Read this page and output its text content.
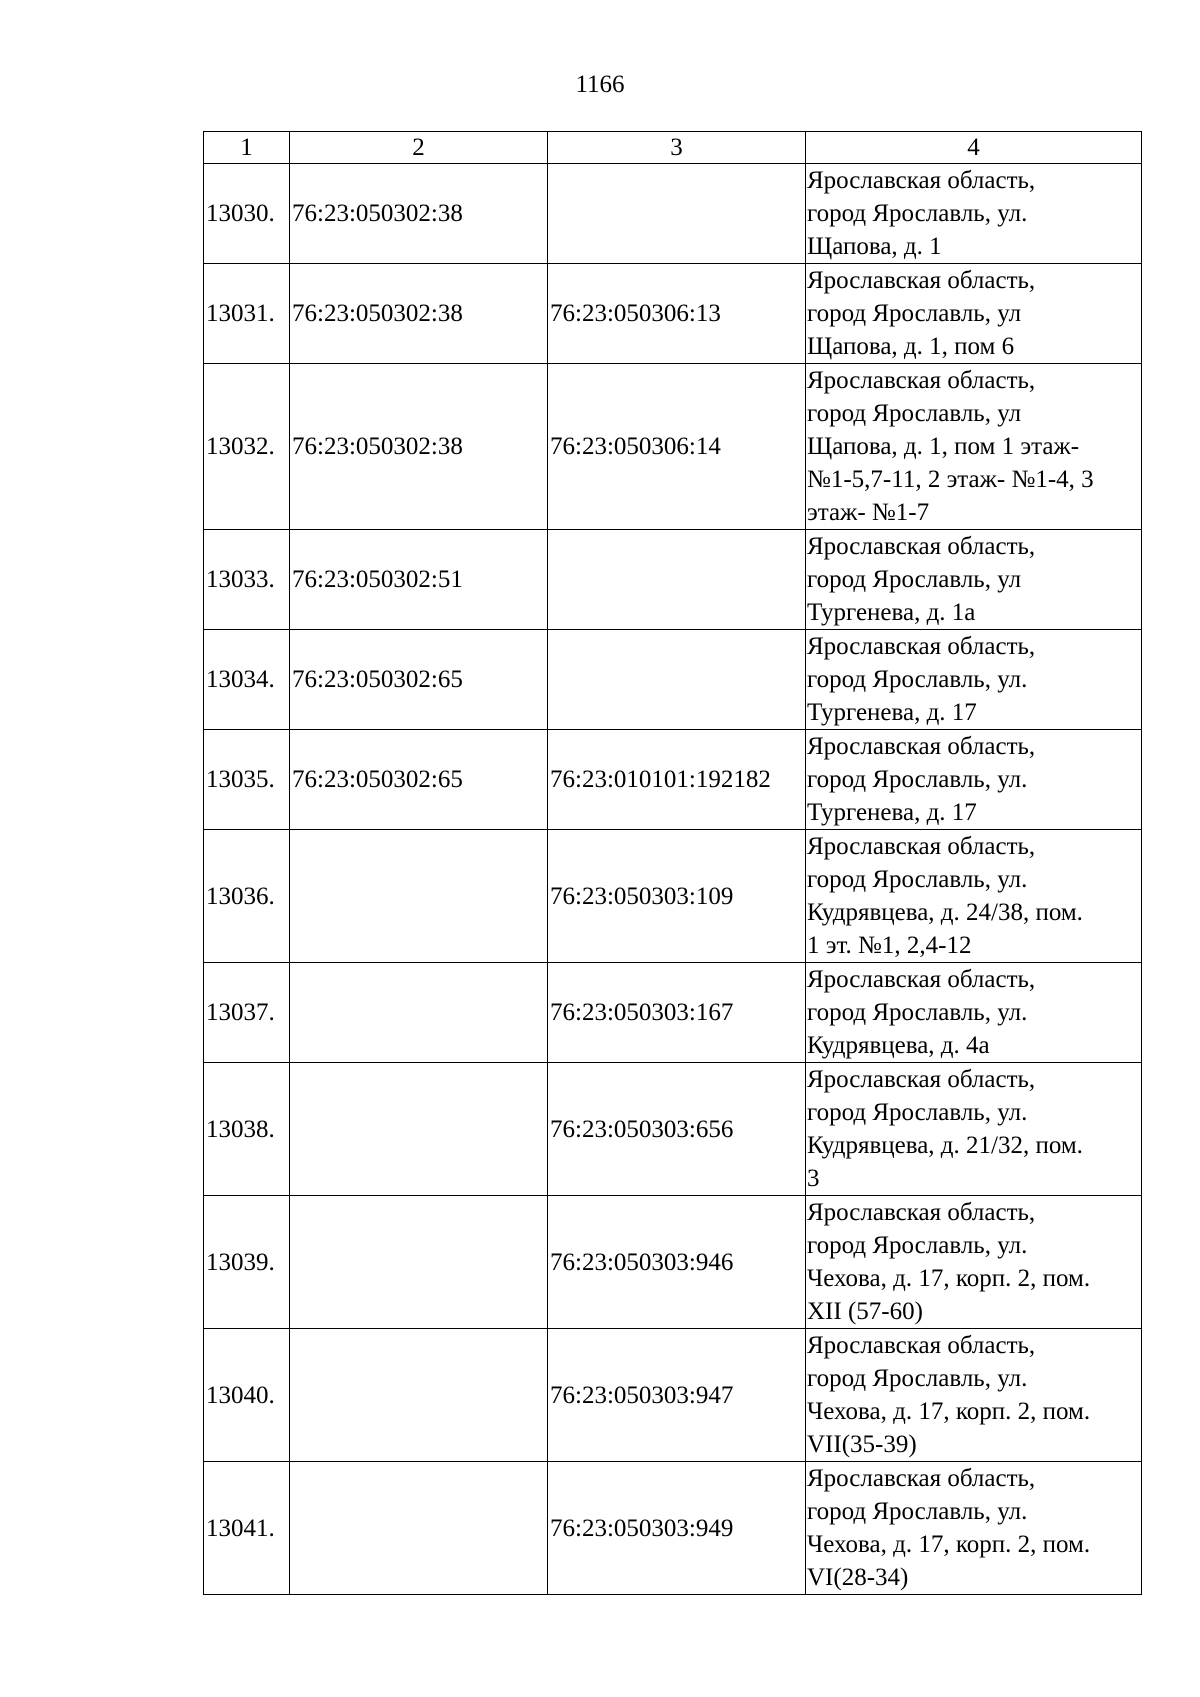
1166
1	2	3	4
13030.	76:23:050302:38		Ярославская область,
город Ярославль, ул.
Щапова, д. 1

13031.	76:23:050302:38	76:23:050306:13	Ярославская область,
город Ярославль, ул
Щапова, д. 1, пом 6

13032.	76:23:050302:38	76:23:050306:14	Ярославская область,
город Ярославль, ул
Щапова, д. 1, пом 1 этаж-
№1-5,7-11, 2 этаж- №1-4, 3
этаж- №1-7

13033.	76:23:050302:51		Ярославская область,
город Ярославль, ул
Тургенева, д. 1а

13034.	76:23:050302:65		Ярославская область,
город Ярославль, ул.
Тургенева, д. 17

13035.	76:23:050302:65	76:23:010101:192182	Ярославская область,
город Ярославль, ул.
Тургенева, д. 17

13036.		76:23:050303:109	Ярославская область,
город Ярославль, ул.
Кудрявцева, д. 24/38, пом.
1 эт. №1, 2,4-12

13037.		76:23:050303:167	Ярославская область,
город Ярославль, ул.
Кудрявцева, д. 4а

13038.		76:23:050303:656	Ярославская область,
город Ярославль, ул.
Кудрявцева, д. 21/32, пом.
3

13039.		76:23:050303:946	Ярославская область,
город Ярославль, ул.
Чехова, д. 17, корп. 2, пом.
XII (57-60)

13040.		76:23:050303:947	Ярославская область,
город Ярославль, ул.
Чехова, д. 17, корп. 2, пом.
VII(35-39)

13041.		76:23:050303:949	Ярославская область,
город Ярославль, ул.
Чехова, д. 17, корп. 2, пом.
VI(28-34)
